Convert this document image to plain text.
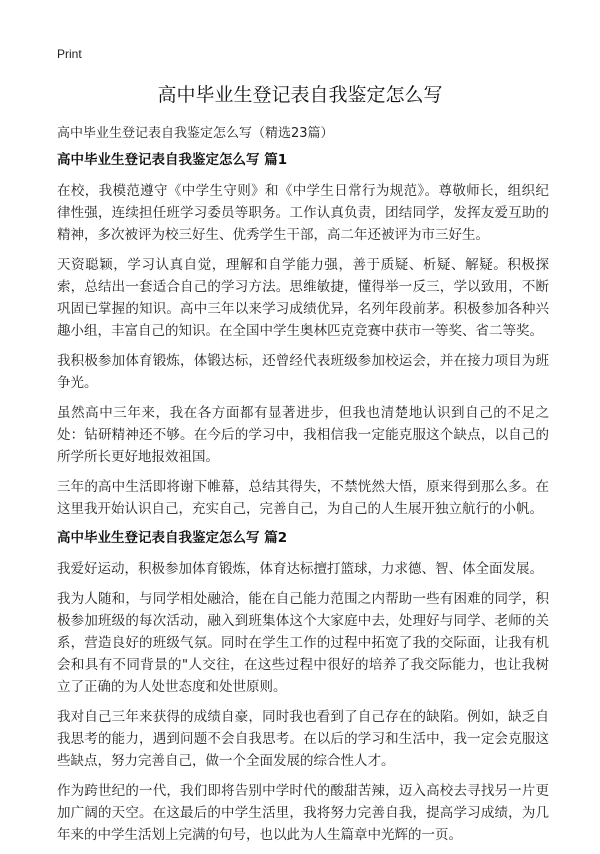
Print
高中毕业生登记表自我鉴定怎么写
高中毕业生登记表自我鉴定怎么写（精选23篇）
高中毕业生登记表自我鉴定怎么写 篇1

在校，我模范遵守《中学生守则》和《中学生日常行为规范》。尊敬师长，组织纪律性强，连续担任班学习委员等职务。工作认真负责，团结同学，发挥友爱互助的精神，多次被评为校三好生、优秀学生干部，高二年还被评为市三好生。

天资聪颖，学习认真自觉，理解和自学能力强，善于质疑、析疑、解疑。积极探索，总结出一套适合自己的学习方法。思维敏捷，懂得举一反三，学以致用，不断巩固已掌握的知识。高中三年以来学习成绩优异，名列年段前茅。积极参加各种兴趣小组，丰富自己的知识。在全国中学生奥林匹克竞赛中获市一等奖、省二等奖。

我积极参加体育锻炼，体锻达标，还曾经代表班级参加校运会，并在接力项目为班争光。

虽然高中三年来，我在各方面都有显著进步，但我也清楚地认识到自己的不足之处：钻研精神还不够。在今后的学习中，我相信我一定能克服这个缺点，以自己的所学所长更好地报效祖国。

三年的高中生活即将谢下帷幕，总结其得失，不禁恍然大悟，原来得到那么多。在这里我开始认识自己，充实自己，完善自己，为自己的人生展开独立航行的小帆。

高中毕业生登记表自我鉴定怎么写 篇2

我爱好运动，积极参加体育锻炼，体育达标擅打篮球，力求德、智、体全面发展。

我为人随和，与同学相处融洽，能在自己能力范围之内帮助一些有困难的同学，积极参加班级的每次活动，融入到班集体这个大家庭中去，处理好与同学、老师的关系，营造良好的班级气氛。同时在学生工作的过程中拓宽了我的交际面，让我有机会和具有不同背景的"人交往，在这些过程中很好的培养了我交际能力，也让我树立了正确的为人处世态度和处世原则。

我对自己三年来获得的成绩自豪，同时我也看到了自己存在的缺陷。例如，缺乏自我思考的能力，遇到问题不会自我思考。在以后的学习和生活中，我一定会克服这些缺点，努力完善自己，做一个全面发展的综合性人才。

作为跨世纪的一代，我们即将告别中学时代的酸甜苦辣，迈入高校去寻找另一片更加广阔的天空。在这最后的中学生活里，我将努力完善自我，提高学习成绩，为几年来的中学生活划上完满的句号，也以此为人生篇章中光辉的一页。
